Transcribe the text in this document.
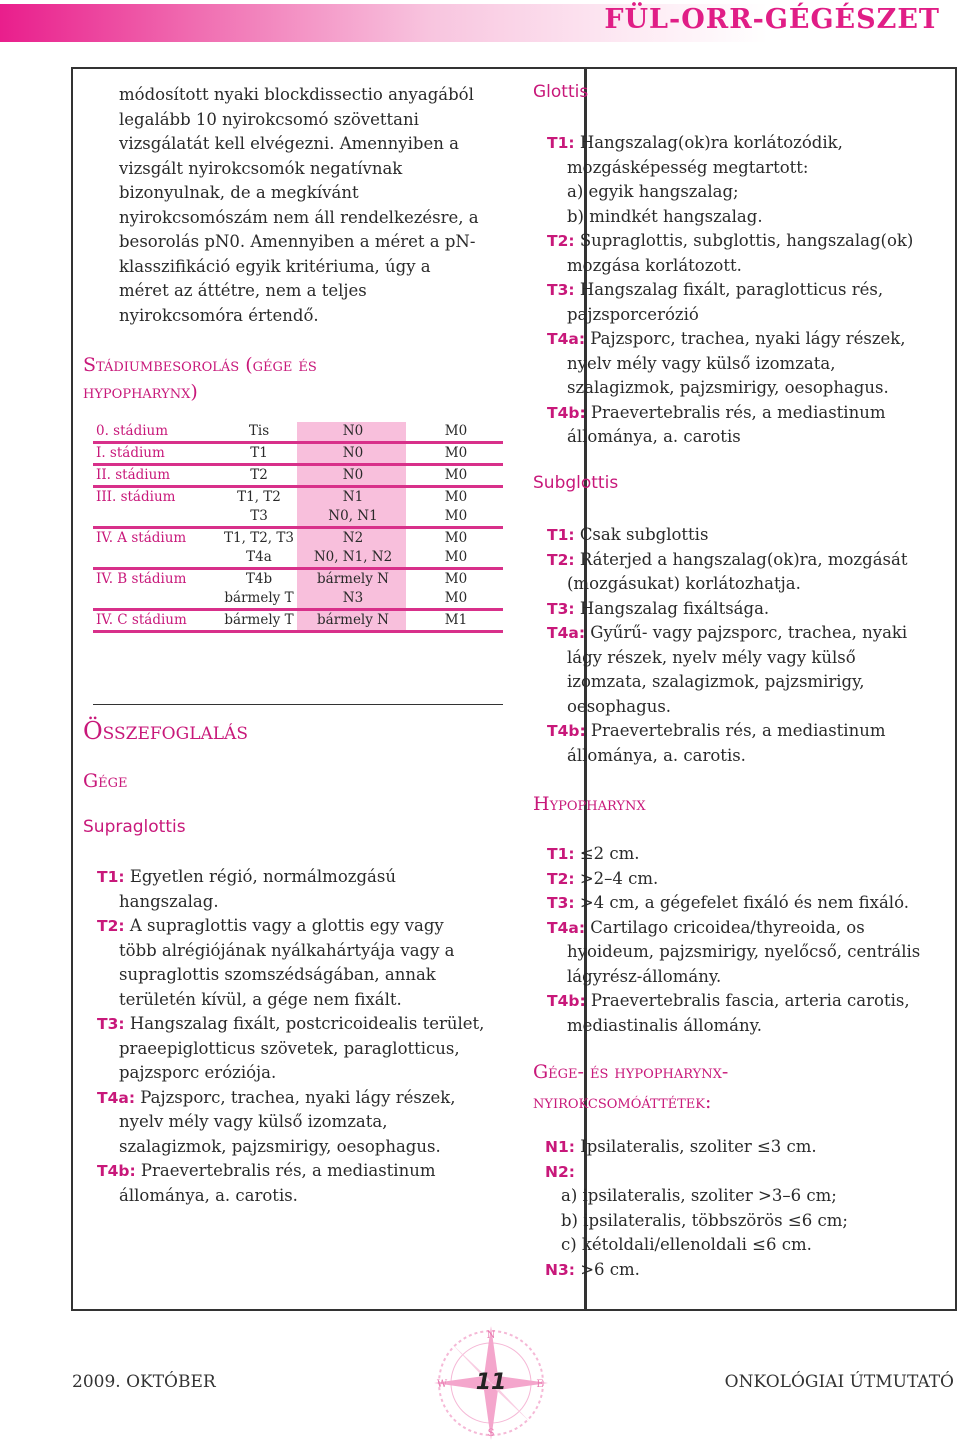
FÜL-ORR-GÉGÉSZET
módosított nyaki blockdissectio anyagából
legalább 10 nyirokcsomó szövettani
vizsgálatát kell elvégezni. Amennyiben a
vizsgált nyirokcsomók negatívnak
bizonyulnak, de a megkívánt
nyirokcsomószám nem áll rendelkezésre, a
besorolás pN0. Amennyiben a méret a pN-
klasszifikáció egyik kritériuma, úgy a
méret az áttétre, nem a teljes
nyirokcsomóra értendő.
Stádiumbesorolás (gége és
hypopharynx)
0. stádium	Tis	N0	M0
I. stádium	T1	N0	M0
II. stádium	T2	N0	M0
III. stádium	T1, T2	N1	M0
	T3	N0, N1	M0
IV. A stádium	T1, T2, T3	N2	M0
	T4a	N0, N1, N2	M0
IV. B stádium	T4b	bármely N	M0
	bármely T	N3	M0
IV. C stádium	bármely T	bármely N	M1
Összefoglalás
Gége
Supraglottis
T1: Egyetlen régió, normálmozgású
hangszalag.
T2: A supraglottis vagy a glottis egy vagy
több alrégiójának nyálkahártyája vagy a
supraglottis szomszédságában, annak
területén kívül, a gége nem fixált.
T3: Hangszalag fixált, postcricoidealis terület,
praeepiglotticus szövetek, paraglotticus,
pajzsporc eróziója.
T4a: Pajzsporc, trachea, nyaki lágy részek,
nyelv mély vagy külső izomzata,
szalagizmok, pajzsmirigy, oesophagus.
T4b: Praevertebralis rés, a mediastinum
állománya, a. carotis.
Glottis
T1: Hangszalag(ok)ra korlátozódik,
mozgásképesség megtartott:
a) egyik hangszalag;
b) mindkét hangszalag.
T2: Supraglottis, subglottis, hangszalag(ok)
mozgása korlátozott.
T3: Hangszalag fixált, paraglotticus rés,
pajzsporcerózió
T4a: Pajzsporc, trachea, nyaki lágy részek,
nyelv mély vagy külső izomzata,
szalagizmok, pajzsmirigy, oesophagus.
T4b: Praevertebralis rés, a mediastinum
állománya, a. carotis
Subglottis
T1: Csak subglottis
T2: Ráterjed a hangszalag(ok)ra, mozgását
(mozgásukat) korlátozhatja.
T3: Hangszalag fixáltsága.
T4a: Gyűrű- vagy pajzsporc, trachea, nyaki
lágy részek, nyelv mély vagy külső
izomzata, szalagizmok, pajzsmirigy,
oesophagus.
T4b: Praevertebralis rés, a mediastinum
állománya, a. carotis.
Hypopharynx
T1: ≤2 cm.
T2: >2–4 cm.
T3: >4 cm, a gégefelet fixáló és nem fixáló.
T4a: Cartilago cricoidea/thyreoida, os
hyoideum, pajzsmirigy, nyelőcső, centrális
lágyrész-állomány.
T4b: Praevertebralis fascia, arteria carotis,
mediastinalis állomány.
Gége- és hypopharynx-
nyirokcsomóáttétek:
N1: Ipsilateralis, szoliter ≤3 cm.
N2:
a) ipsilateralis, szoliter >3–6 cm;
b) ipsilateralis, többszörös ≤6 cm;
c) kétoldali/ellenoldali ≤6 cm.
N3: >6 cm.
2009. OKTÓBER	ONKOLÓGIAI ÚTMUTATÓ
N
S
E
W 11
